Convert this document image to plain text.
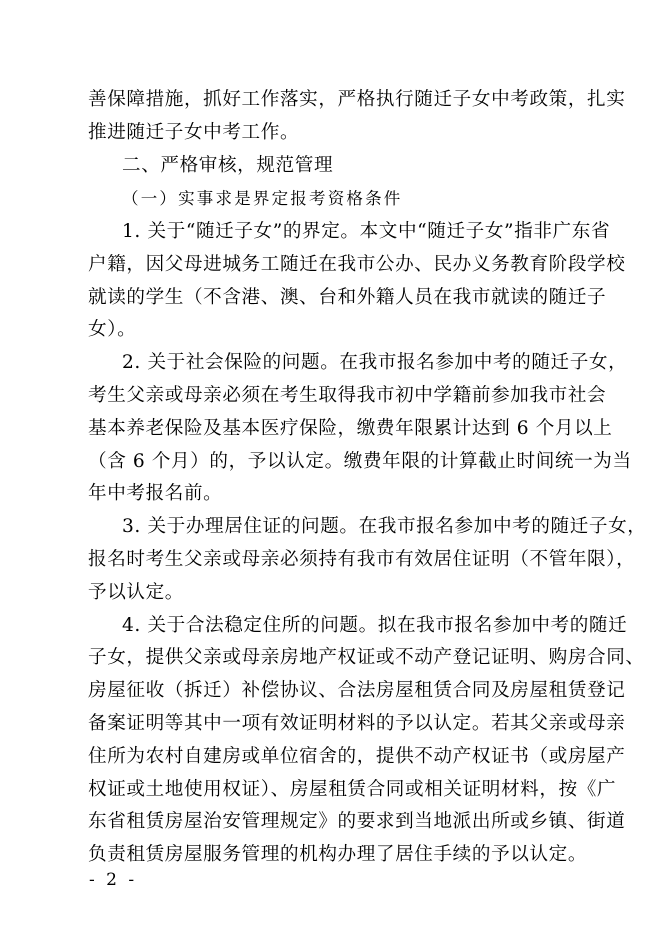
善保障措施，抓好工作落实，严格执行随迁子女中考政策，扎实
推进随迁子女中考工作。
二、严格审核，规范管理
（一）实事求是界定报考资格条件
1. 关于“随迁子女”的界定。本文中“随迁子女”指非广东省
户籍，因父母进城务工随迁在我市公办、民办义务教育阶段学校
就读的学生（不含港、澳、台和外籍人员在我市就读的随迁子
女）。
2. 关于社会保险的问题。在我市报名参加中考的随迁子女，
考生父亲或母亲必须在考生取得我市初中学籍前参加我市社会
基本养老保险及基本医疗保险，缴费年限累计达到 6 个月以上
（含 6 个月）的，予以认定。缴费年限的计算截止时间统一为当
年中考报名前。
3. 关于办理居住证的问题。在我市报名参加中考的随迁子女，
报名时考生父亲或母亲必须持有我市有效居住证明（不管年限），
予以认定。
4. 关于合法稳定住所的问题。拟在我市报名参加中考的随迁
子女，提供父亲或母亲房地产权证或不动产登记证明、购房合同、
房屋征收（拆迁）补偿协议、合法房屋租赁合同及房屋租赁登记
备案证明等其中一项有效证明材料的予以认定。若其父亲或母亲
住所为农村自建房或单位宿舍的，提供不动产权证书（或房屋产
权证或土地使用权证）、房屋租赁合同或相关证明材料，按《广
东省租赁房屋治安管理规定》的要求到当地派出所或乡镇、街道
负责租赁房屋服务管理的机构办理了居住手续的予以认定。
- 2 -
